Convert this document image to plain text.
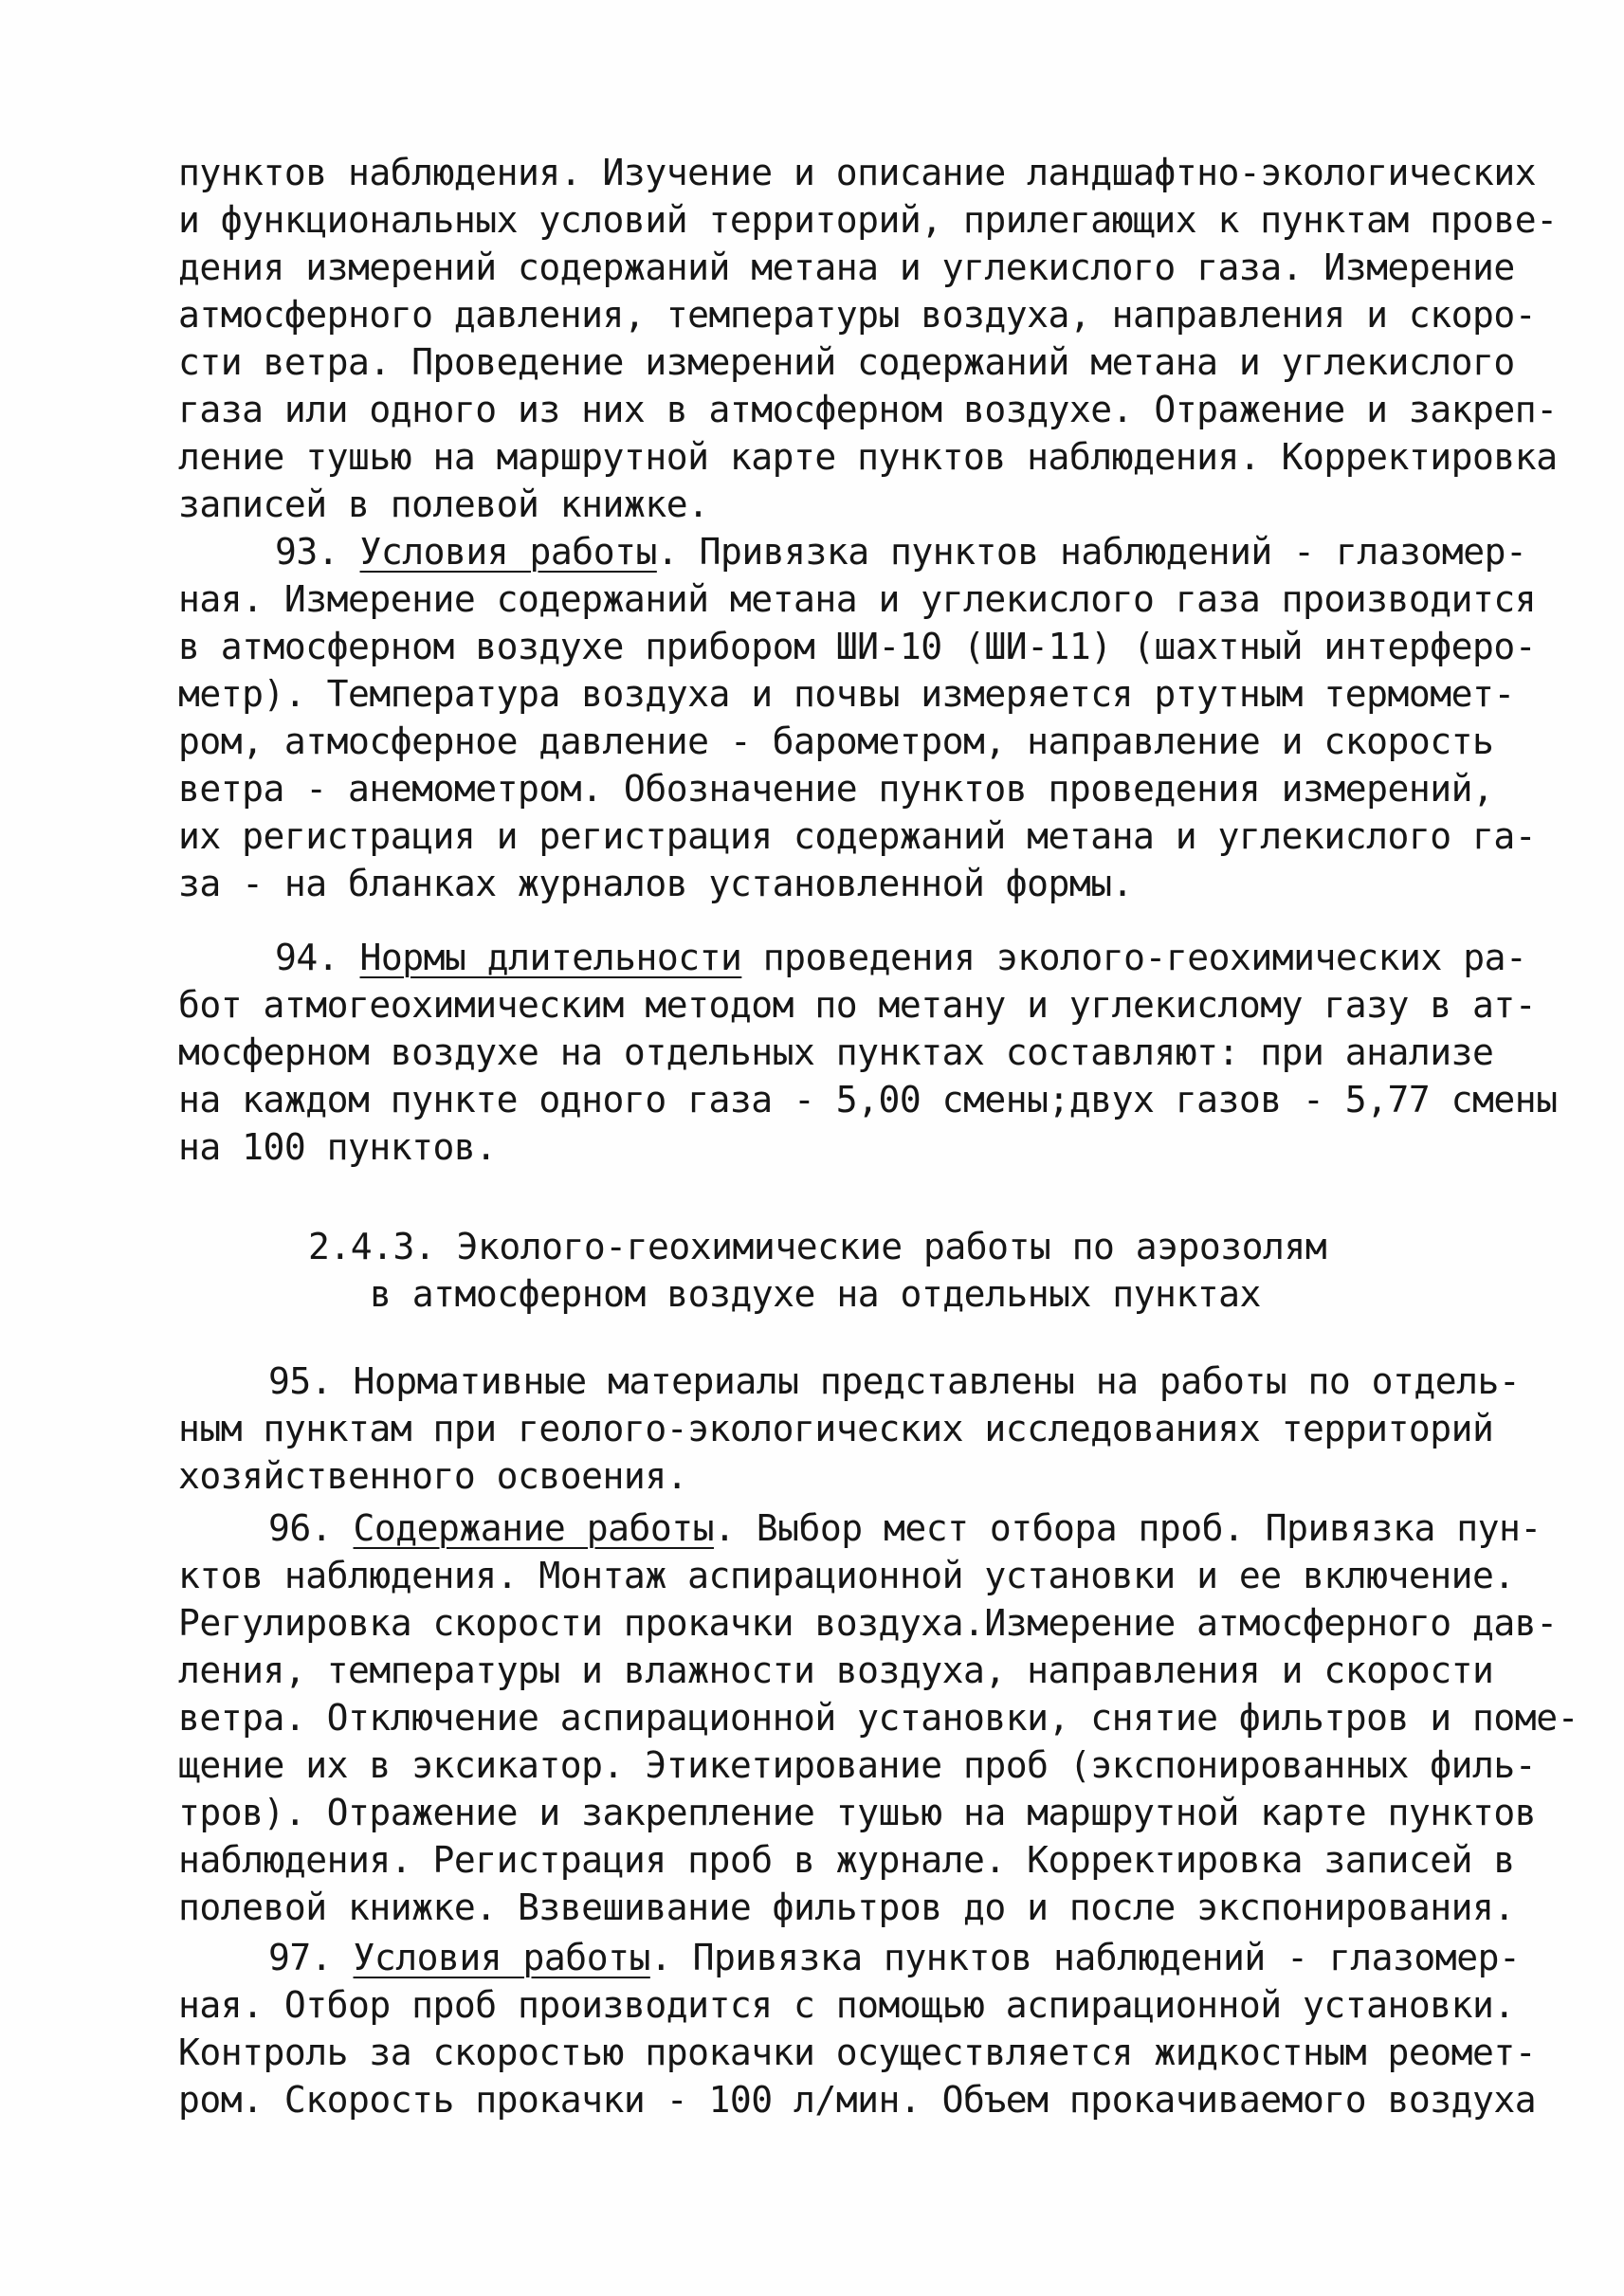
пунктов наблюдения. Изучение и описание ландшафтно-экологических
и функциональных условий территорий, прилегающих к пунктам прове-
дения измерений содержаний метана и углекислого газа. Измерение
атмосферного давления, температуры воздуха, направления и скоро-
сти ветра. Проведение измерений содержаний метана и углекислого
газа или одного из них в атмосферном воздухе. Отражение и закреп-
ление тушью на маршрутной карте пунктов наблюдения. Корректировка
записей в полевой книжке.
93. Условия работы. Привязка пунктов наблюдений - глазомер-
ная. Измерение содержаний метана и углекислого газа производится
в атмосферном воздухе прибором ШИ-10 (ШИ-11) (шахтный интерферо-
метр). Температура воздуха и почвы измеряется ртутным термомет-
ром, атмосферное давление - барометром, направление и скорость
ветра - анемометром. Обозначение пунктов проведения измерений,
их регистрация и регистрация содержаний метана и углекислого га-
за - на бланках журналов установленной формы.
94. Нормы длительности проведения эколого-геохимических ра-
бот атмогеохимическим методом по метану и углекислому газу в ат-
мосферном воздухе на отдельных пунктах составляют: при анализе
на каждом пункте одного газа - 5,00 смены;двух газов - 5,77 смены
на 100 пунктов.
2.4.3. Эколого-геохимические работы по аэрозолям
в атмосферном воздухе на отдельных пунктах
95. Нормативные материалы представлены на работы по отдель-
ным пунктам при геолого-экологических исследованиях территорий
хозяйственного освоения.
96. Содержание работы. Выбор мест отбора проб. Привязка пун-
ктов наблюдения. Монтаж аспирационной установки и ее включение.
Регулировка скорости прокачки воздуха.Измерение атмосферного дав-
ления, температуры и влажности воздуха, направления и скорости
ветра. Отключение аспирационной установки, снятие фильтров и поме-
щение их в эксикатор. Этикетирование проб (экспонированных филь-
тров). Отражение и закрепление тушью на маршрутной карте пунктов
наблюдения. Регистрация проб в журнале. Корректировка записей в
полевой книжке. Взвешивание фильтров до и после экспонирования.
97. Условия работы. Привязка пунктов наблюдений - глазомер-
ная. Отбор проб производится с помощью аспирационной установки.
Контроль за скоростью прокачки осуществляется жидкостным реомет-
ром. Скорость прокачки - 100 л/мин. Объем прокачиваемого воздуха
